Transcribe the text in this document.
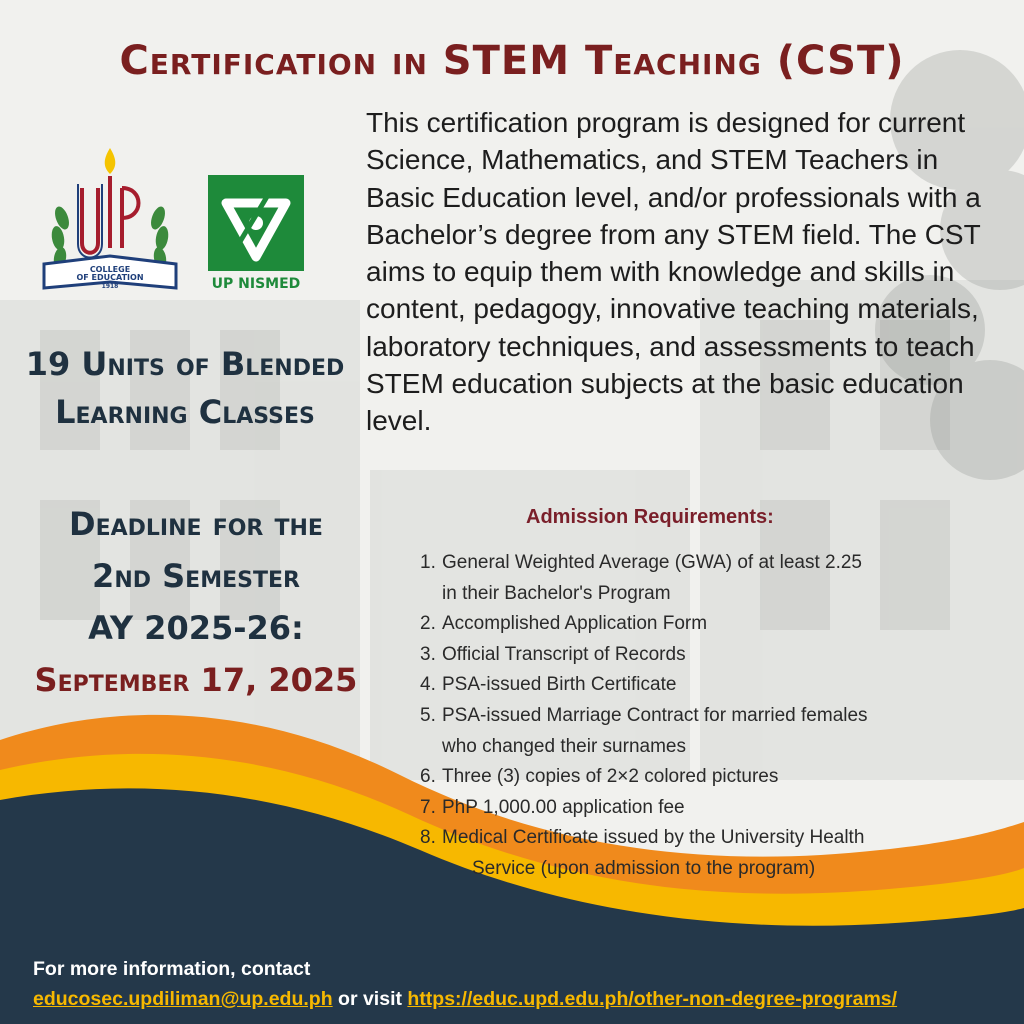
Certification in STEM Teaching (CST)
COLLEGE
OF EDUCATION
1918	UP NISMED
19 Units of Blended
Learning Classes
Deadline for the
2nd Semester
AY 2025-26:
September 17, 2025

This certification program is designed for current Science, Mathematics, and STEM Teachers in Basic Education level, and/or professionals with a Bachelor’s degree from any STEM field. The CST aims to equip them with knowledge and skills in content, pedagogy, innovative teaching materials, laboratory techniques, and assessments to teach STEM education subjects at the basic education level.

Admission Requirements:

1. General Weighted Average (GWA) of at least 2.25
in their Bachelor's Program
2. Accomplished Application Form
3. Official Transcript of Records
4. PSA-issued Birth Certificate
5. PSA-issued Marriage Contract for married females
who changed their surnames
6. Three (3) copies of 2×2 colored pictures
7. PhP 1,000.00 application fee
8. Medical Certificate issued by the University Health
Service (upon admission to the program)
For more information, contact
educosec.updiliman@up.edu.ph or visit https://educ.upd.edu.ph/other-non-degree-programs/
